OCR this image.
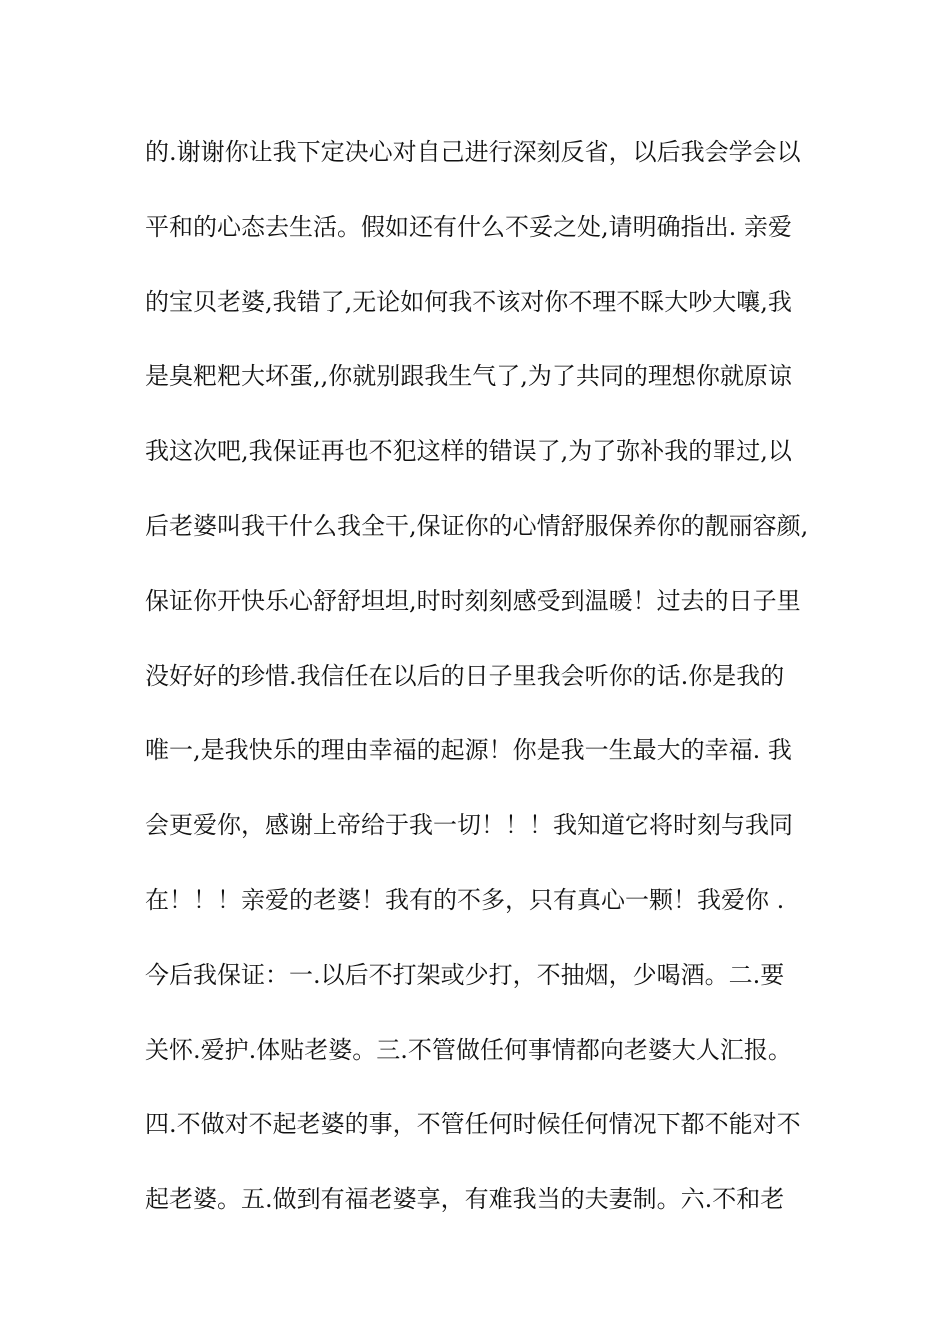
的.谢谢你让我下定决心对自己进行深刻反省，以后我会学会以
平和的心态去生活。假如还有什么不妥之处,请明确指出. 亲爱
的宝贝老婆,我错了,无论如何我不该对你不理不睬大吵大嚷,我
是臭粑粑大坏蛋,,你就别跟我生气了,为了共同的理想你就原谅
我这次吧,我保证再也不犯这样的错误了,为了弥补我的罪过,以
后老婆叫我干什么我全干,保证你的心情舒服保养你的靓丽容颜,
保证你开快乐心舒舒坦坦,时时刻刻感受到温暖！过去的日子里
没好好的珍惜.我信任在以后的日子里我会听你的话.你是我的
唯一,是我快乐的理由幸福的起源！你是我一生最大的幸福. 我
会更爱你，感谢上帝给于我一切！！！我知道它将时刻与我同
在！！！亲爱的老婆！我有的不多，只有真心一颗！我爱你 .
今后我保证：一.以后不打架或少打，不抽烟，少喝酒。二.要
关怀.爱护.体贴老婆。三.不管做任何事情都向老婆大人汇报。
四.不做对不起老婆的事，不管任何时候任何情况下都不能对不
起老婆。五.做到有福老婆享，有难我当的夫妻制。六.不和老
